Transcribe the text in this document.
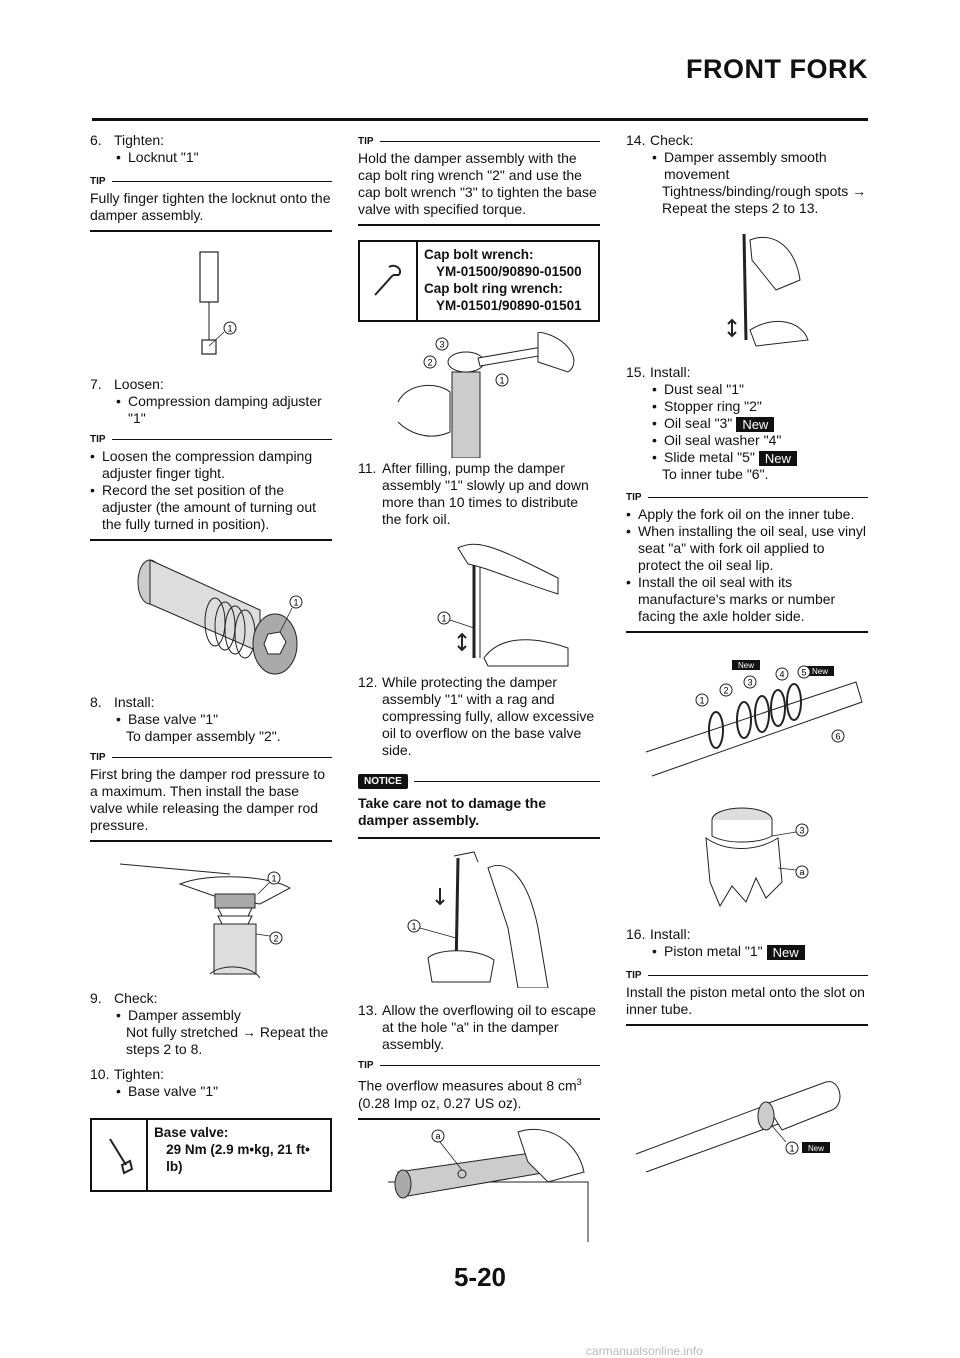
FRONT FORK
6. Tighten:
• Locknut "1"
TIP
Fully finger tighten the locknut onto the damper assembly.
1
7. Loosen:
• Compression damping adjuster "1"
TIP
• Loosen the compression damping adjuster finger tight.
• Record the set position of the adjuster (the amount of turning out the fully turned in position).
1
8. Install:
• Base valve "1"
To damper assembly "2".
TIP
First bring the damper rod pressure to a maximum. Then install the base valve while releasing the damper rod pressure.
1
2
9. Check:
• Damper assembly
Not fully stretched → Repeat the steps 2 to 8.
10. Tighten:
• Base valve "1"
Base valve:
29 Nm (2.9 m•kg, 21 ft• lb)
TIP
Hold the damper assembly with the cap bolt ring wrench "2" and use the cap bolt wrench "3" to tighten the base valve with specified torque.
Cap bolt wrench:
YM-01500/90890-01500
Cap bolt ring wrench:
YM-01501/90890-01501
3
2
1
11. After filling, pump the damper assembly "1" slowly up and down more than 10 times to distribute the fork oil.
1
12. While protecting the damper assembly "1" with a rag and compressing fully, allow excessive oil to overflow on the base valve side.
NOTICE
Take care not to damage the damper assembly.
1
13. Allow the overflowing oil to escape at the hole "a" in the damper assembly.
TIP
The overflow measures about 8 $cm^3$
(0.28 Imp oz, 0.27 US oz).
a
14. Check:
• Damper assembly smooth movement
Tightness/binding/rough spots → Repeat the steps 2 to 13.
15. Install:
• Dust seal "1"
• Stopper ring "2"
• Oil seal "3" New
• Oil seal washer "4"
• Slide metal "5" New
To inner tube "6".
TIP
• Apply the fork oil on the inner tube.
• When installing the oil seal, use vinyl seat "a" with fork oil applied to protect the oil seal lip.
• Install the oil seal with its manufacture's marks or number facing the axle holder side.
New
New
1
2
3
4 5
6
3
a
16. Install:
• Piston metal "1" New
TIP
Install the piston metal onto the slot on inner tube.
1 New
5-20
carmanualsonline.info
